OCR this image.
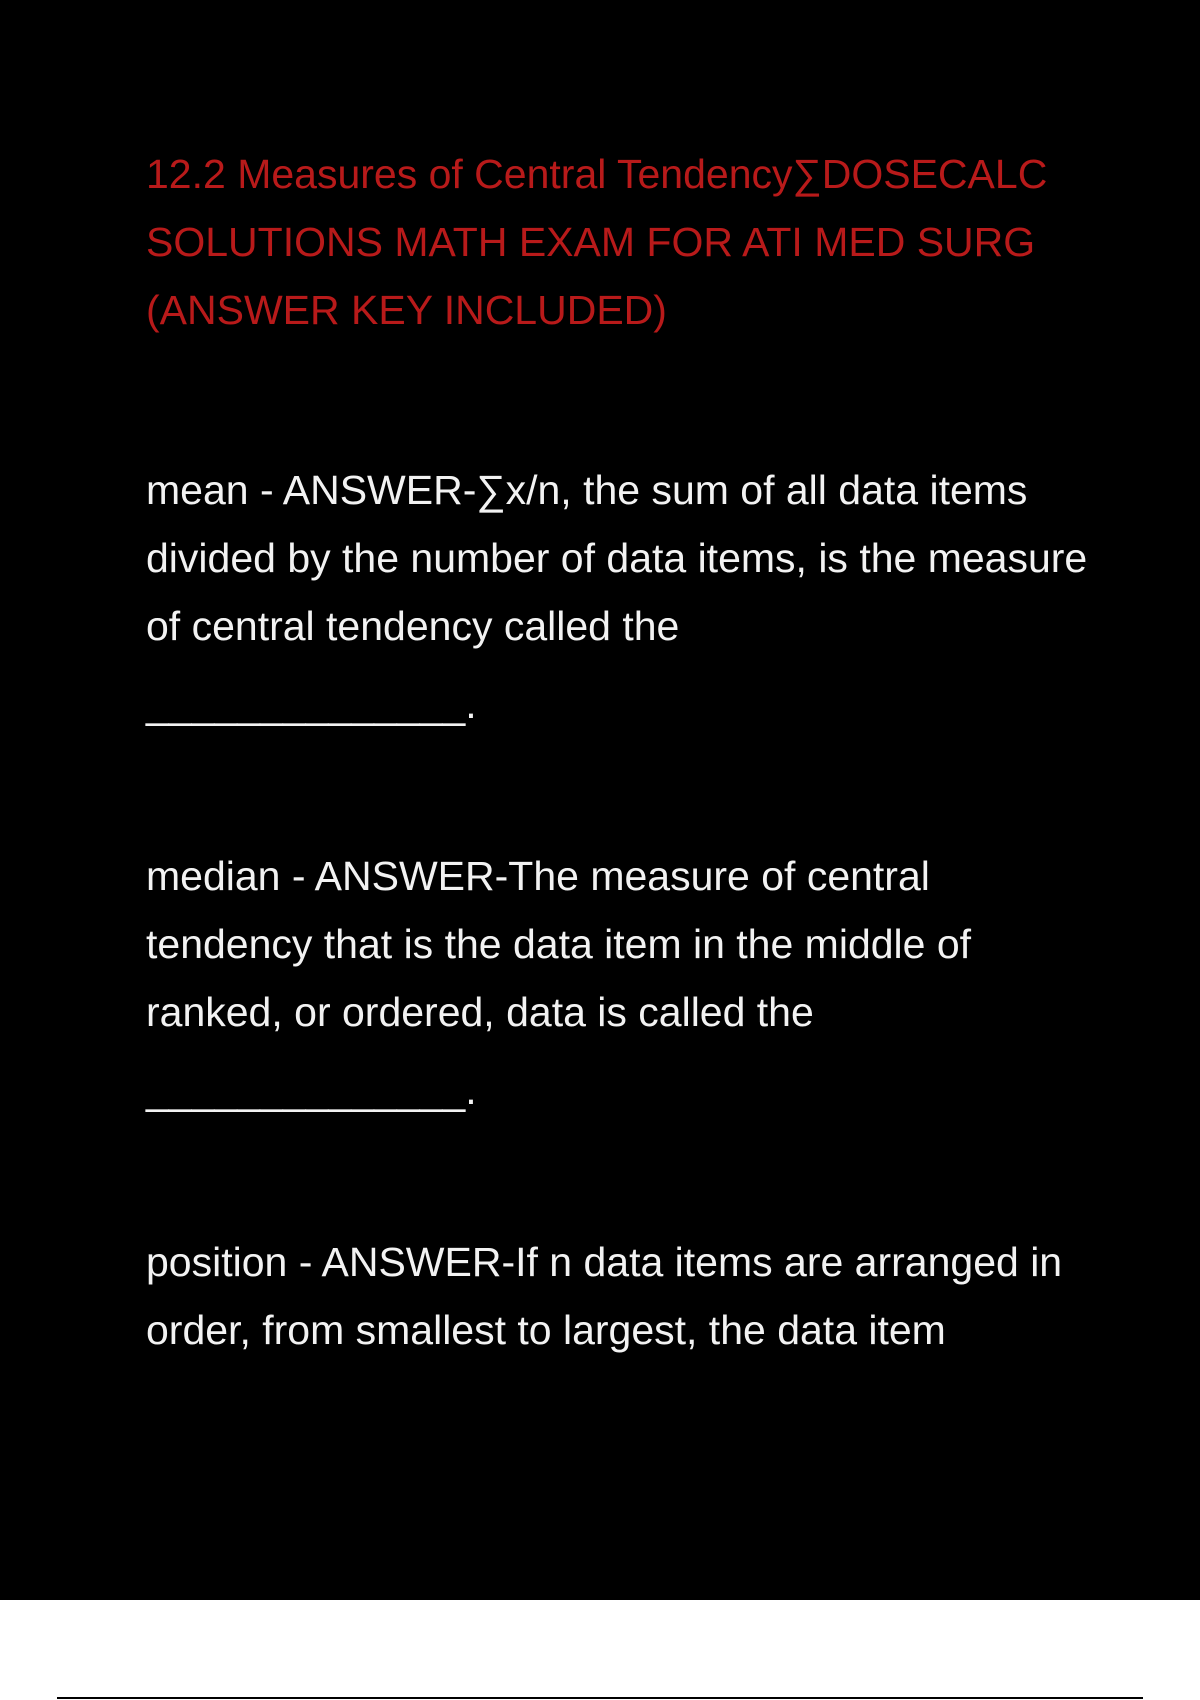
12.2 Measures of Central Tendency∑DOSECALC SOLUTIONS MATH EXAM FOR ATI MED SURG (ANSWER KEY INCLUDED)

mean - ANSWER-∑x/n, the sum of all data items divided by the number of data items, is the measure of central tendency called the
______________.

median - ANSWER-The measure of central tendency that is the data item in the middle of ranked, or ordered, data is called the
______________.

position - ANSWER-If n data items are arranged in order, from smallest to largest, the data item
